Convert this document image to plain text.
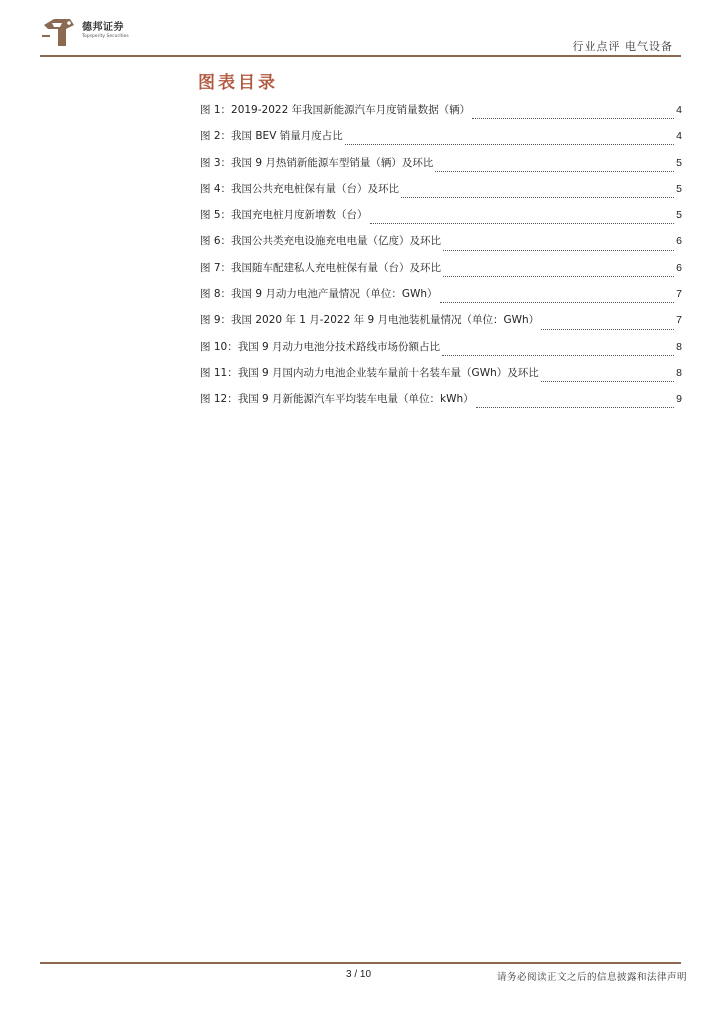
德邦证券
Topsperity Securities
行业点评 电气设备
图表目录
图 1：2019-2022 年我国新能源汽车月度销量数据（辆）	4
图 2：我国 BEV 销量月度占比	4
图 3：我国 9 月热销新能源车型销量（辆）及环比	5
图 4：我国公共充电桩保有量（台）及环比	5
图 5：我国充电桩月度新增数（台）	5
图 6：我国公共类充电设施充电电量（亿度）及环比	6
图 7：我国随车配建私人充电桩保有量（台）及环比	6
图 8：我国 9 月动力电池产量情况（单位：GWh）	7
图 9：我国 2020 年 1 月-2022 年 9 月电池装机量情况（单位：GWh）	7
图 10：我国 9 月动力电池分技术路线市场份额占比	8
图 11：我国 9 月国内动力电池企业装车量前十名装车量（GWh）及环比	8
图 12：我国 9 月新能源汽车平均装车电量（单位：kWh）	9
3 / 10	请务必阅读正文之后的信息披露和法律声明
